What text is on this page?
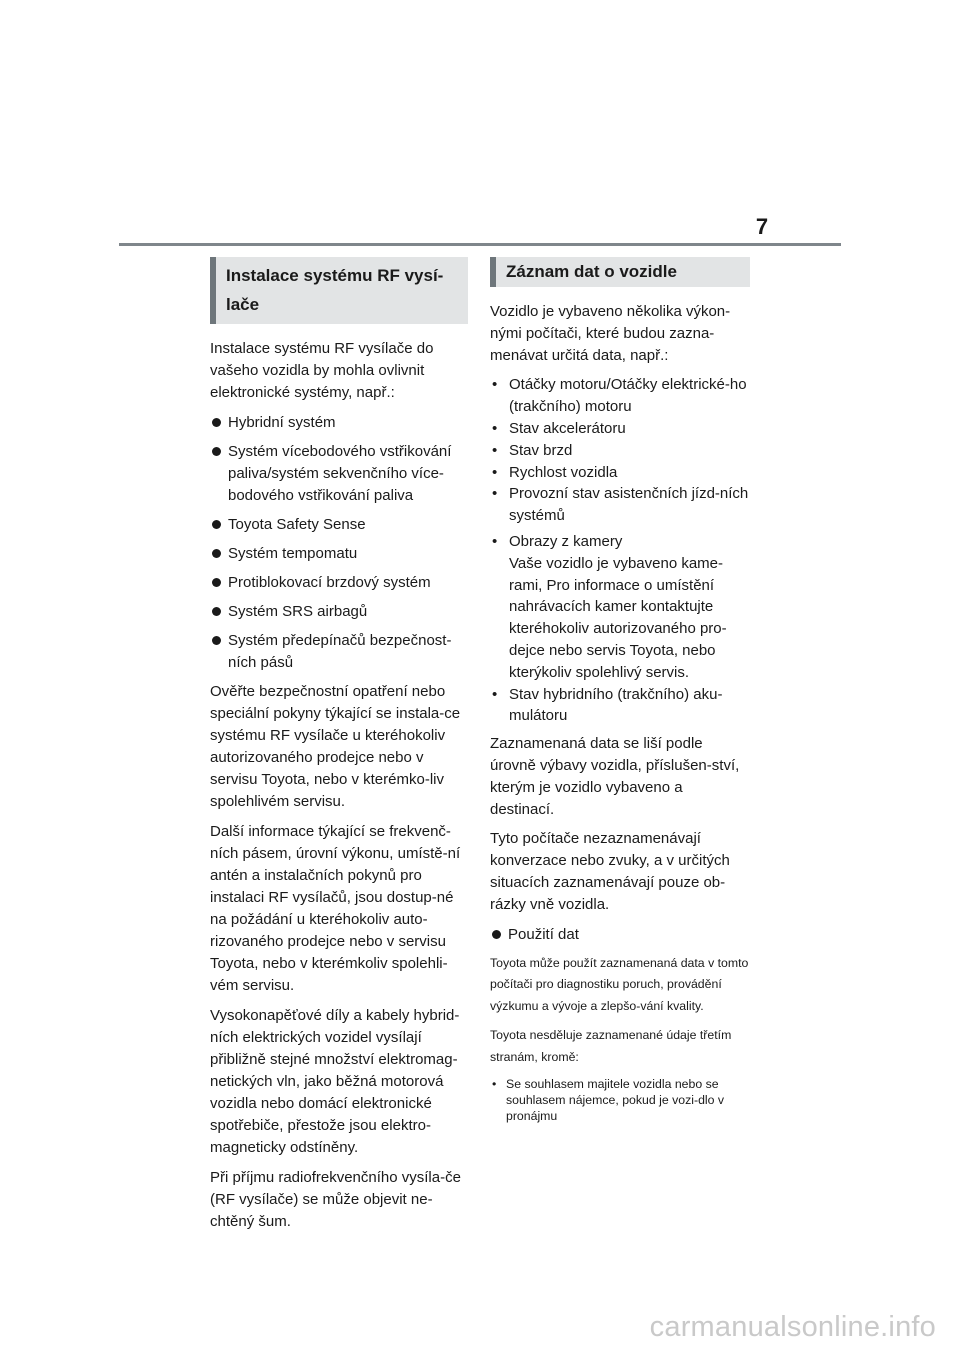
7
Instalace systému RF vysí-lače

Instalace systému RF vysílače do vašeho vozidla by mohla ovlivnit elektronické systémy, např.:

Hybridní systém
Systém vícebodového vstřikování paliva/systém sekvenčního více-bodového vstřikování paliva
Toyota Safety Sense
Systém tempomatu
Protiblokovací brzdový systém
Systém SRS airbagů
Systém předepínačů bezpečnost-ních pásů

Ověřte bezpečnostní opatření nebo speciální pokyny týkající se instala-ce systému RF vysílače u kteréhokoliv autorizovaného prodejce nebo v servisu Toyota, nebo v kterémko-liv spolehlivém servisu.

Další informace týkající se frekvenč-ních pásem, úrovní výkonu, umístě-ní antén a instalačních pokynů pro instalaci RF vysílačů, jsou dostup-né na požádání u kteréhokoliv auto-rizovaného prodejce nebo v servisu Toyota, nebo v kterémkoliv spolehli-vém servisu.

Vysokonapěťové díly a kabely hybrid-ních elektrických vozidel vysílají přibližně stejné množství elektromag-netických vln, jako běžná motorová vozidla nebo domácí elektronické spotřebiče, přestože jsou elektro-magneticky odstíněny.

Při příjmu radiofrekvenčního vysíla-če (RF vysílače) se může objevit ne-chtěný šum.

Záznam dat o vozidle

Vozidlo je vybaveno několika výkon-nými počítači, které budou zazna-menávat určitá data, např.:

• Otáčky motoru/Otáčky elektrické-ho (trakčního) motoru
• Stav akcelerátoru
• Stav brzd
• Rychlost vozidla
• Provozní stav asistenčních jízd-ních systémů
• Obrazy z kamery
Vaše vozidlo je vybaveno kame-rami, Pro informace o umístění nahrávacích kamer kontaktujte kteréhokoliv autorizovaného pro-dejce nebo servis Toyota, nebo kterýkoliv spolehlivý servis.
• Stav hybridního (trakčního) aku-mulátoru

Zaznamenaná data se liší podle úrovně výbavy vozidla, příslušen-ství, kterým je vozidlo vybaveno a destinací.

Tyto počítače nezaznamenávají konverzace nebo zvuky, a v určitých situacích zaznamenávají pouze ob-rázky vně vozidla.

Použití dat

Toyota může použít zaznamenaná data v tomto počítači pro diagnostiku poruch, provádění výzkumu a vývoje a zlepšo-vání kvality.

Toyota nesděluje zaznamenané údaje třetím stranám, kromě:

• Se souhlasem majitele vozidla nebo se souhlasem nájemce, pokud je vozi-dlo v pronájmu
carmanualsonline.info
